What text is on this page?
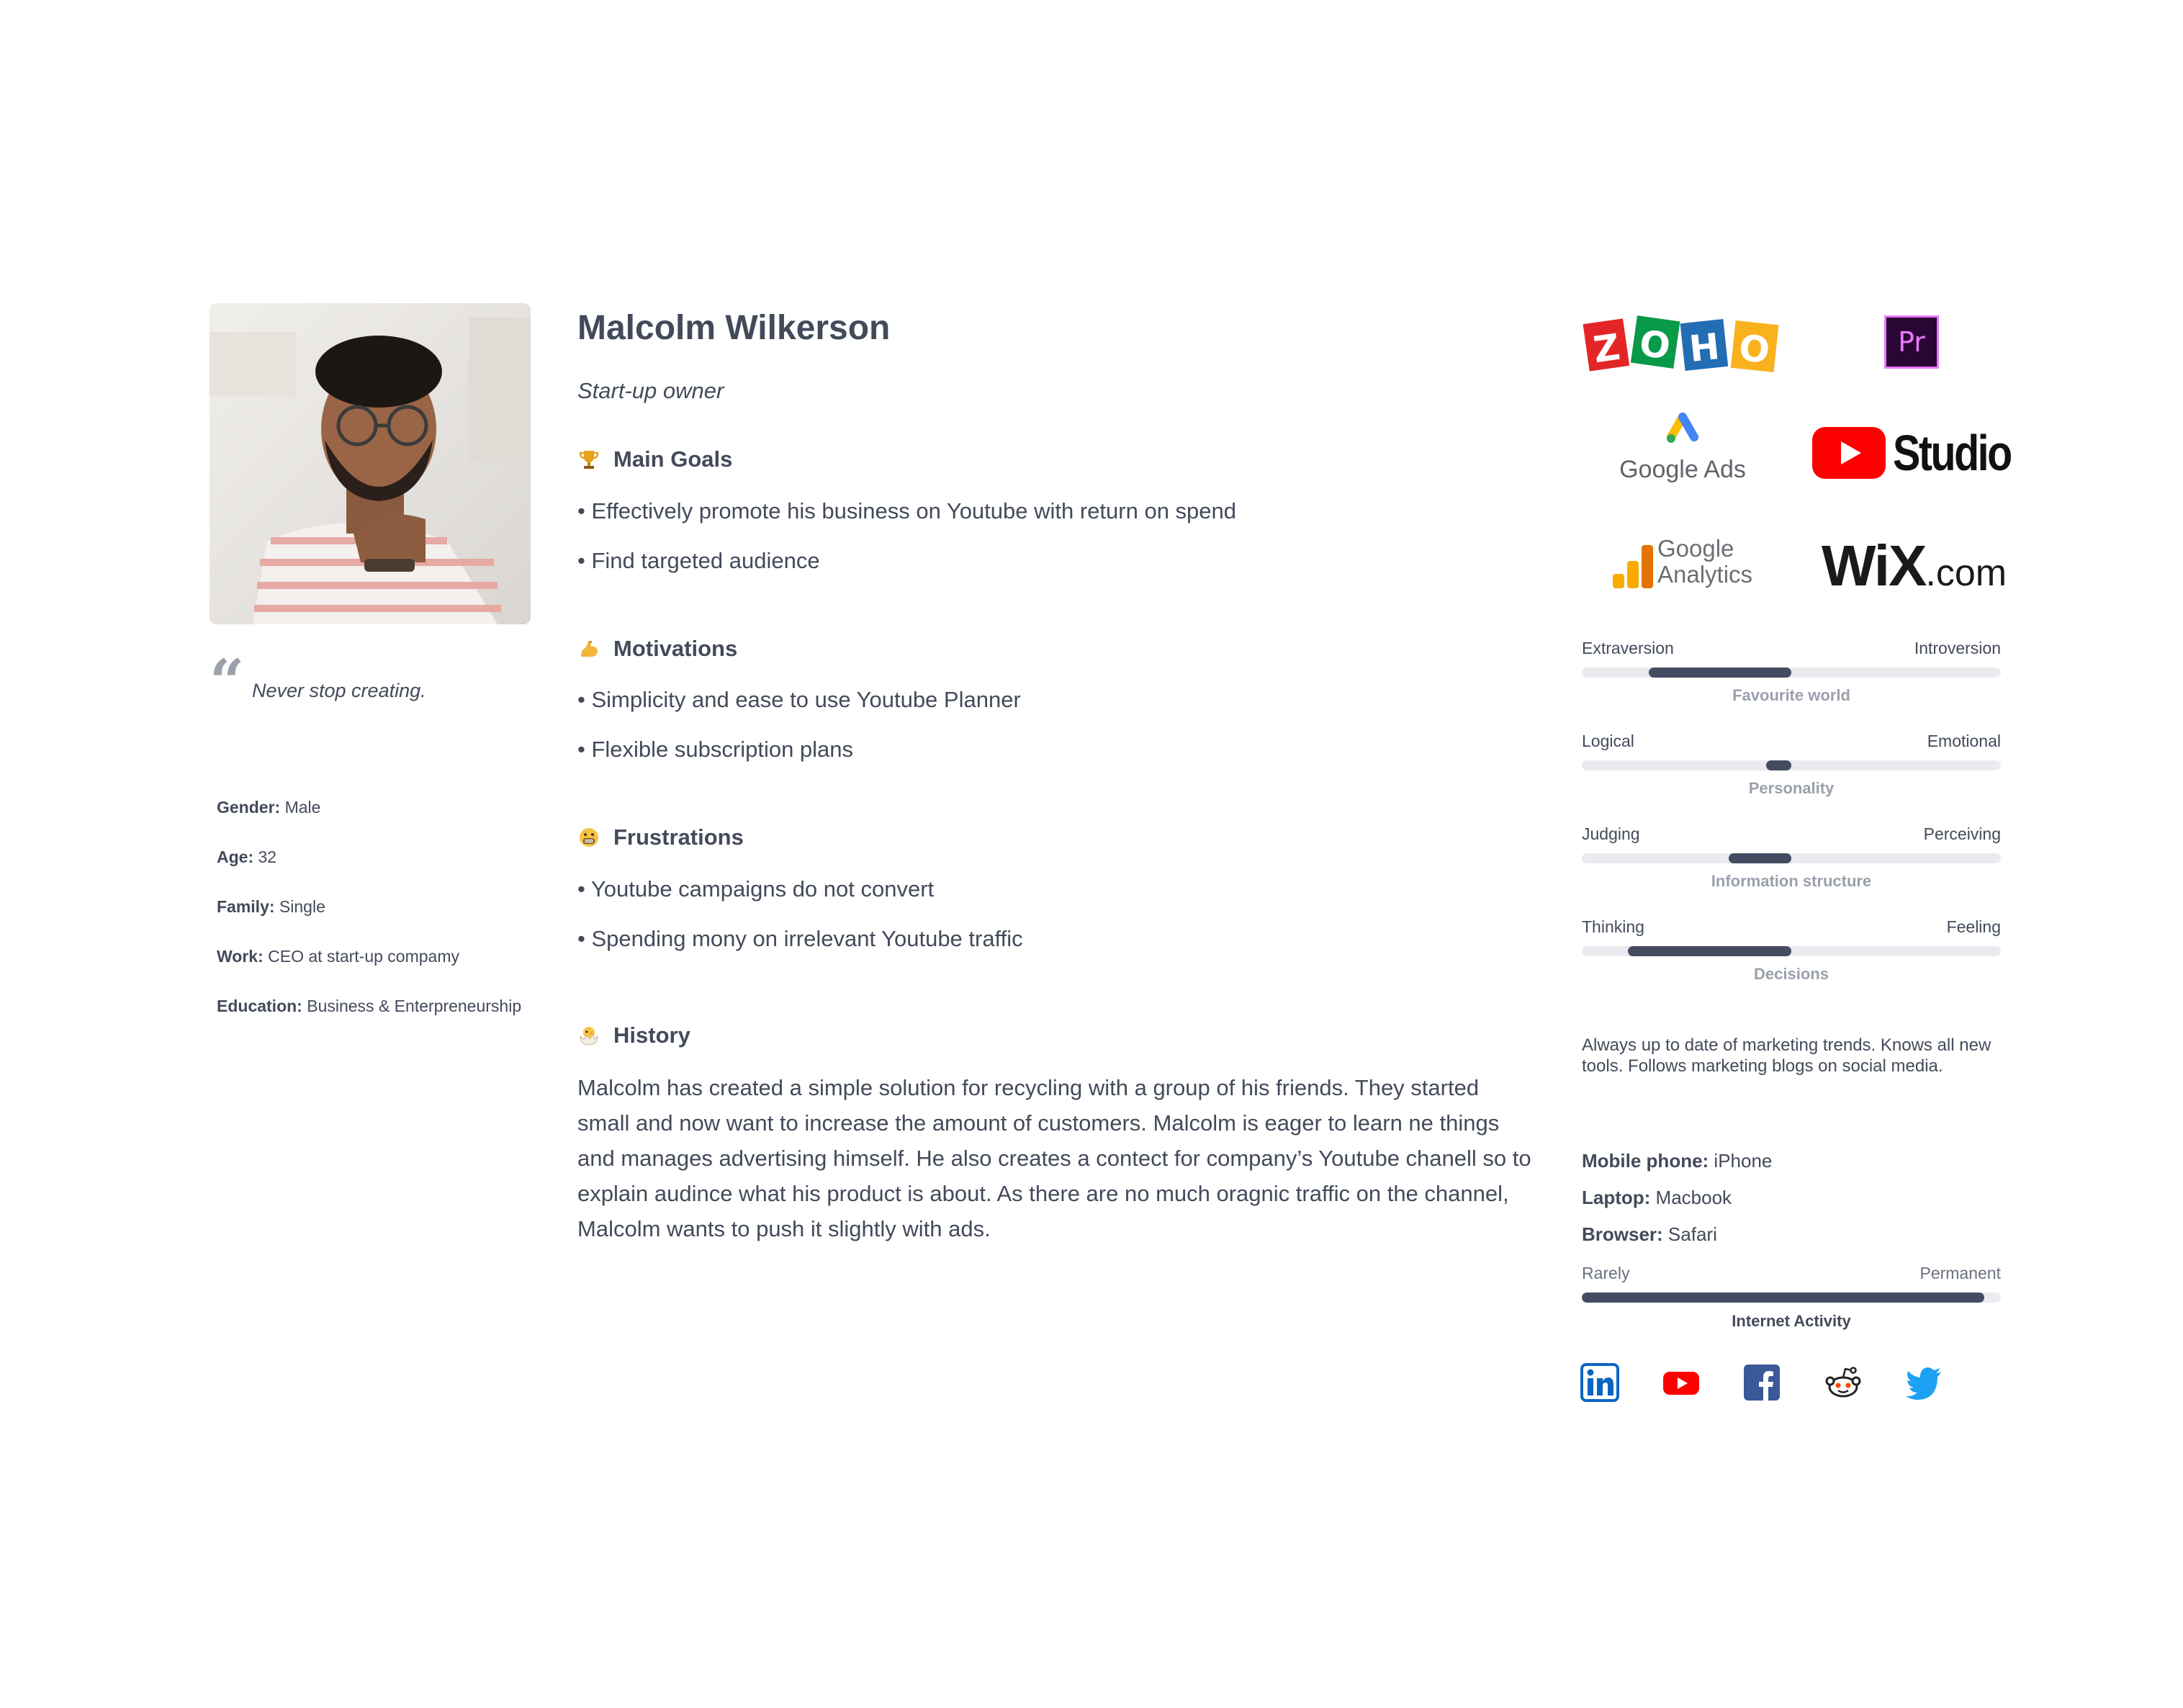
“ Never stop creating.
Gender: Male
Age: 32
Family: Single
Work: CEO at start-up compamy
Education: Business & Enterpreneurship
Malcolm Wilkerson
Start-up owner
Main Goals
• Effectively promote his business on Youtube with return on spend
• Find targeted audience
Motivations
• Simplicity and ease to use Youtube Planner
• Flexible subscription plans
Frustrations
• Youtube campaigns do not convert
• Spending mony on irrelevant Youtube traffic
History
Malcolm has created a simple solution for recycling with a group of his friends. They started small and now want to increase the amount of customers. Malcolm is eager to learn ne things and manages advertising himself. He also creates a contect for company’s Youtube chanell so to explain audince what his product is about. As there are no much oragnic traffic on the channel, Malcolm wants to push it slightly with ads.
Z O H O	Pr
Google Ads	Studio
Google
Analytics WiX.com
Extraversion	Introversion
Favourite world
Logical	Emotional
Personality
Judging	Perceiving
Information structure
Thinking	Feeling
Decisions
Always up to date of marketing trends. Knows all new tools. Follows marketing blogs on social media.
Mobile phone: iPhone
Laptop: Macbook
Browser: Safari
Rarely	Permanent
Internet Activity
